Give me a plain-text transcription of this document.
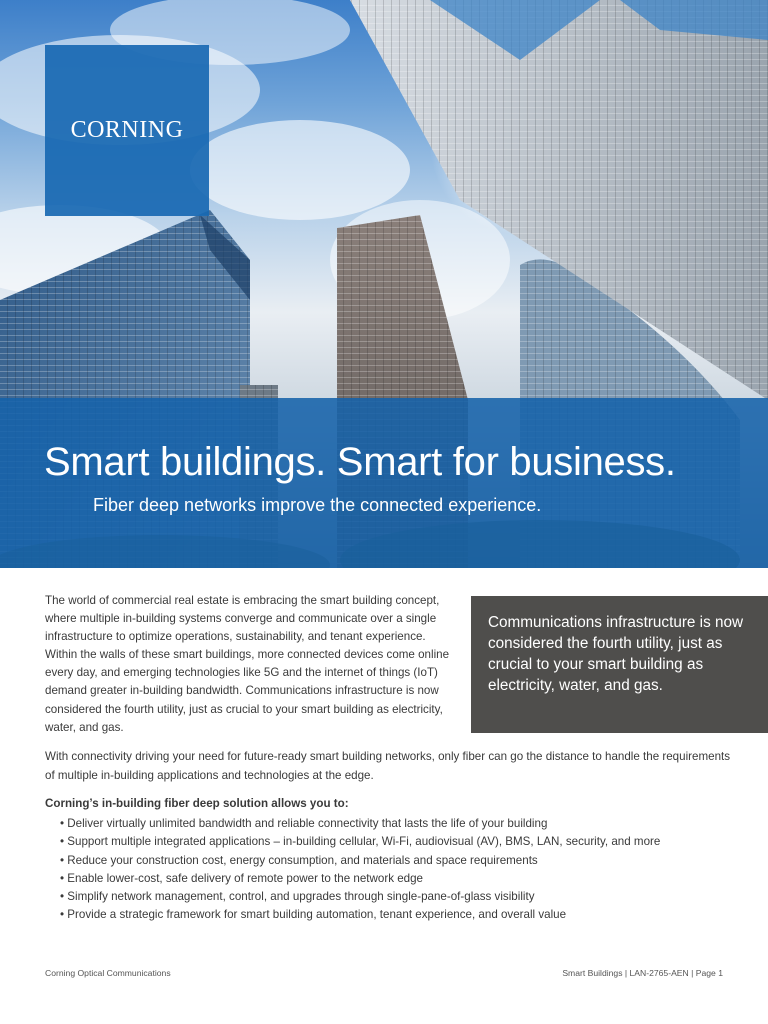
CORNING
Smart buildings. Smart for business.
Fiber deep networks improve the connected experience.

The world of commercial real estate is embracing the smart building concept, where multiple in-building systems converge and communicate over a single infrastructure to optimize operations, sustainability, and tenant experience. Within the walls of these smart buildings, more connected devices come online every day, and emerging technologies like 5G and the internet of things (IoT) demand greater in-building bandwidth. Communications infrastructure is now considered the fourth utility, just as crucial to your smart building as electricity, water, and gas.

Communications infrastructure is now considered the fourth utility, just as crucial to your smart building as electricity, water, and gas.

With connectivity driving your need for future-ready smart building networks, only fiber can go the distance to handle the requirements of multiple in-building applications and technologies at the edge.

Corning’s in-building fiber deep solution allows you to:
• Deliver virtually unlimited bandwidth and reliable connectivity that lasts the life of your building
• Support multiple integrated applications – in-building cellular, Wi-Fi, audiovisual (AV), BMS, LAN, security, and more
• Reduce your construction cost, energy consumption, and materials and space requirements
• Enable lower-cost, safe delivery of remote power to the network edge
• Simplify network management, control, and upgrades through single-pane-of-glass visibility
• Provide a strategic framework for smart building automation, tenant experience, and overall value
Corning Optical Communications	Smart Buildings | LAN-2765-AEN | Page 1
